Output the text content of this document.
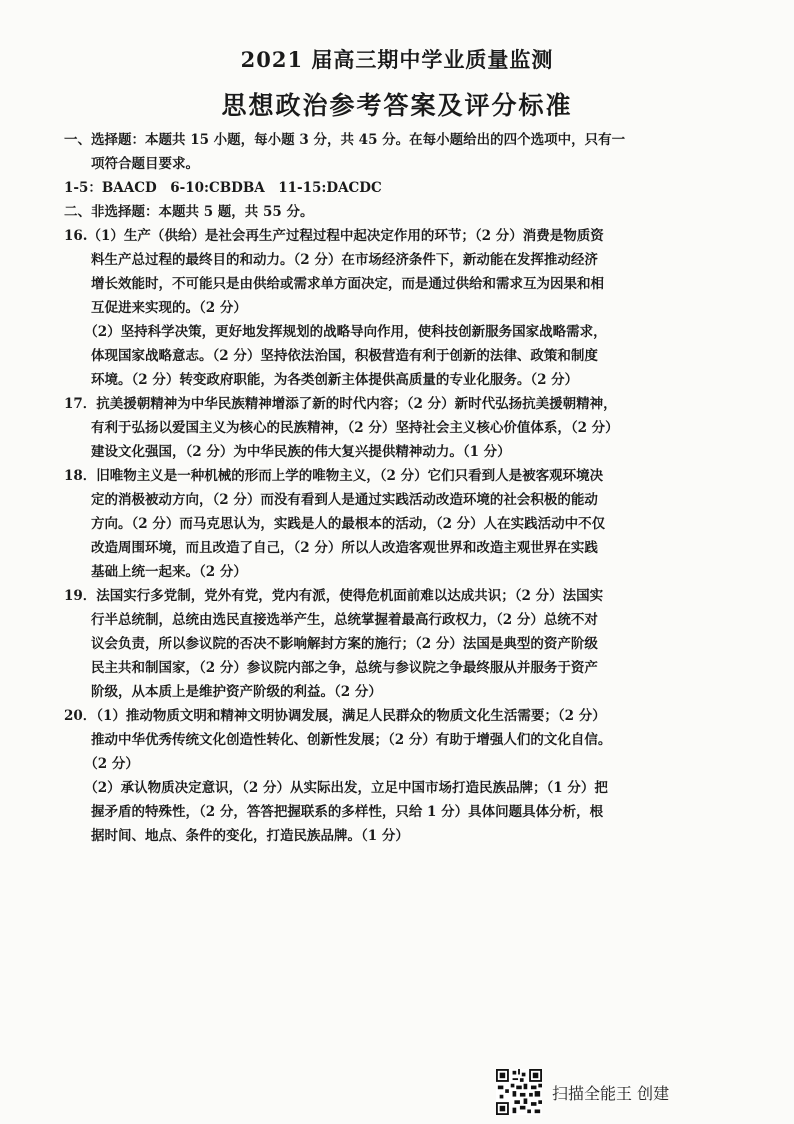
2021 届高三期中学业质量监测
思想政治参考答案及评分标准
一、选择题：本题共 15 小题，每小题 3 分，共 45 分。在每小题给出的四个选项中，只有一
　　项符合题目要求。
1-5：BAACD　6-10:CBDBA　11-15:DACDC
二、非选择题：本题共 5 题，共 55 分。
16.（1）生产（供给）是社会再生产过程过程中起决定作用的环节；（2 分）消费是物质资
　　料生产总过程的最终目的和动力。（2 分）在市场经济条件下，新动能在发挥推动经济
　　增长效能时，不可能只是由供给或需求单方面决定，而是通过供给和需求互为因果和相
　　互促进来实现的。（2 分）
　　（2）坚持科学决策，更好地发挥规划的战略导向作用，使科技创新服务国家战略需求，
　　体现国家战略意志。（2 分）坚持依法治国，积极营造有利于创新的法律、政策和制度
　　环境。（2 分）转变政府职能，为各类创新主体提供高质量的专业化服务。（2 分）
17．抗美援朝精神为中华民族精神增添了新的时代内容；（2 分）新时代弘扬抗美援朝精神，
　　有利于弘扬以爱国主义为核心的民族精神，（2 分）坚持社会主义核心价值体系，（2 分）
　　建设文化强国，（2 分）为中华民族的伟大复兴提供精神动力。（1 分）
18．旧唯物主义是一种机械的形而上学的唯物主义，（2 分）它们只看到人是被客观环境决
　　定的消极被动方向，（2 分）而没有看到人是通过实践活动改造环境的社会积极的能动
　　方向。（2 分）而马克思认为，实践是人的最根本的活动，（2 分）人在实践活动中不仅
　　改造周围环境，而且改造了自己，（2 分）所以人改造客观世界和改造主观世界在实践
　　基础上统一起来。（2 分）
19．法国实行多党制，党外有党，党内有派，使得危机面前难以达成共识；（2 分）法国实
　　行半总统制，总统由选民直接选举产生，总统掌握着最高行政权力，（2 分）总统不对
　　议会负责，所以参议院的否决不影响解封方案的施行；（2 分）法国是典型的资产阶级
　　民主共和制国家，（2 分）参议院内部之争，总统与参议院之争最终服从并服务于资产
　　阶级，从本质上是维护资产阶级的利益。（2 分）
20．（1）推动物质文明和精神文明协调发展，满足人民群众的物质文化生活需要；（2 分）
　　推动中华优秀传统文化创造性转化、创新性发展；（2 分）有助于增强人们的文化自信。
　　（2 分）
　　（2）承认物质决定意识，（2 分）从实际出发，立足中国市场打造民族品牌；（1 分）把
　　握矛盾的特殊性，（2 分，答答把握联系的多样性，只给 1 分）具体问题具体分析，根
　　据时间、地点、条件的变化，打造民族品牌。（1 分）
扫描全能王 创建
